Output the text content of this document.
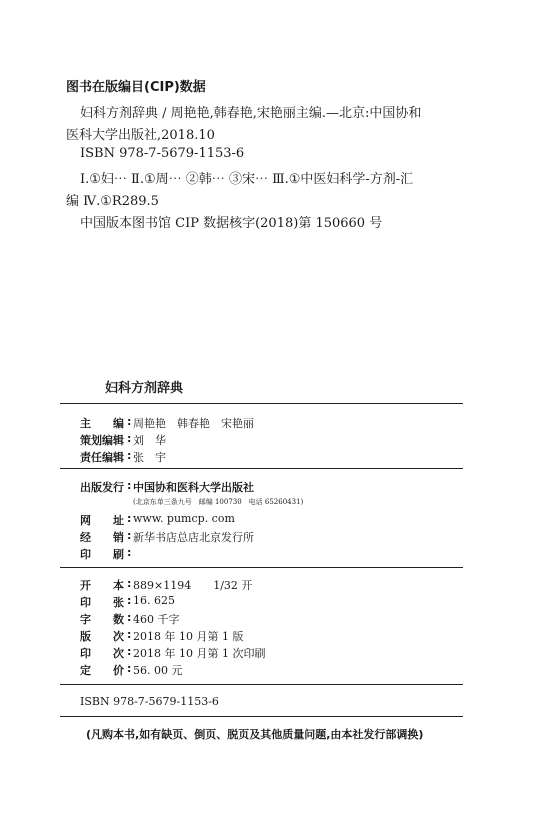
图书在版编目(CIP)数据
妇科方剂辞典 / 周艳艳,韩春艳,宋艳丽主编.—北京:中国协和
医科大学出版社,2018.10
ISBN 978-7-5679-1153-6
Ⅰ.①妇⋯ Ⅱ.①周⋯ ②韩⋯ ③宋⋯ Ⅲ.①中医妇科学-方剂-汇
编 Ⅳ.①R289.5
中国版本图书馆 CIP 数据核字(2018)第 150660 号
妇科方剂辞典
主　　编 : 周艳艳　韩春艳　宋艳丽
策划编辑 : 刘　华
责任编辑 : 张　宇
出版发行 : 中国协和医科大学出版社
(北京东单三条九号　邮编 100730　电话 65260431)
网　　址 : www. pumcp. com
经　　销 : 新华书店总店北京发行所
印　　刷 :
开　　本 : 889×1194　　1/32 开
印　　张 : 16. 625
字　　数 : 460 千字
版　　次 : 2018 年 10 月第 1 版
印　　次 : 2018 年 10 月第 1 次印刷
定　　价 : 56. 00 元
ISBN 978-7-5679-1153-6
(凡购本书,如有缺页、倒页、脱页及其他质量问题,由本社发行部调换)
